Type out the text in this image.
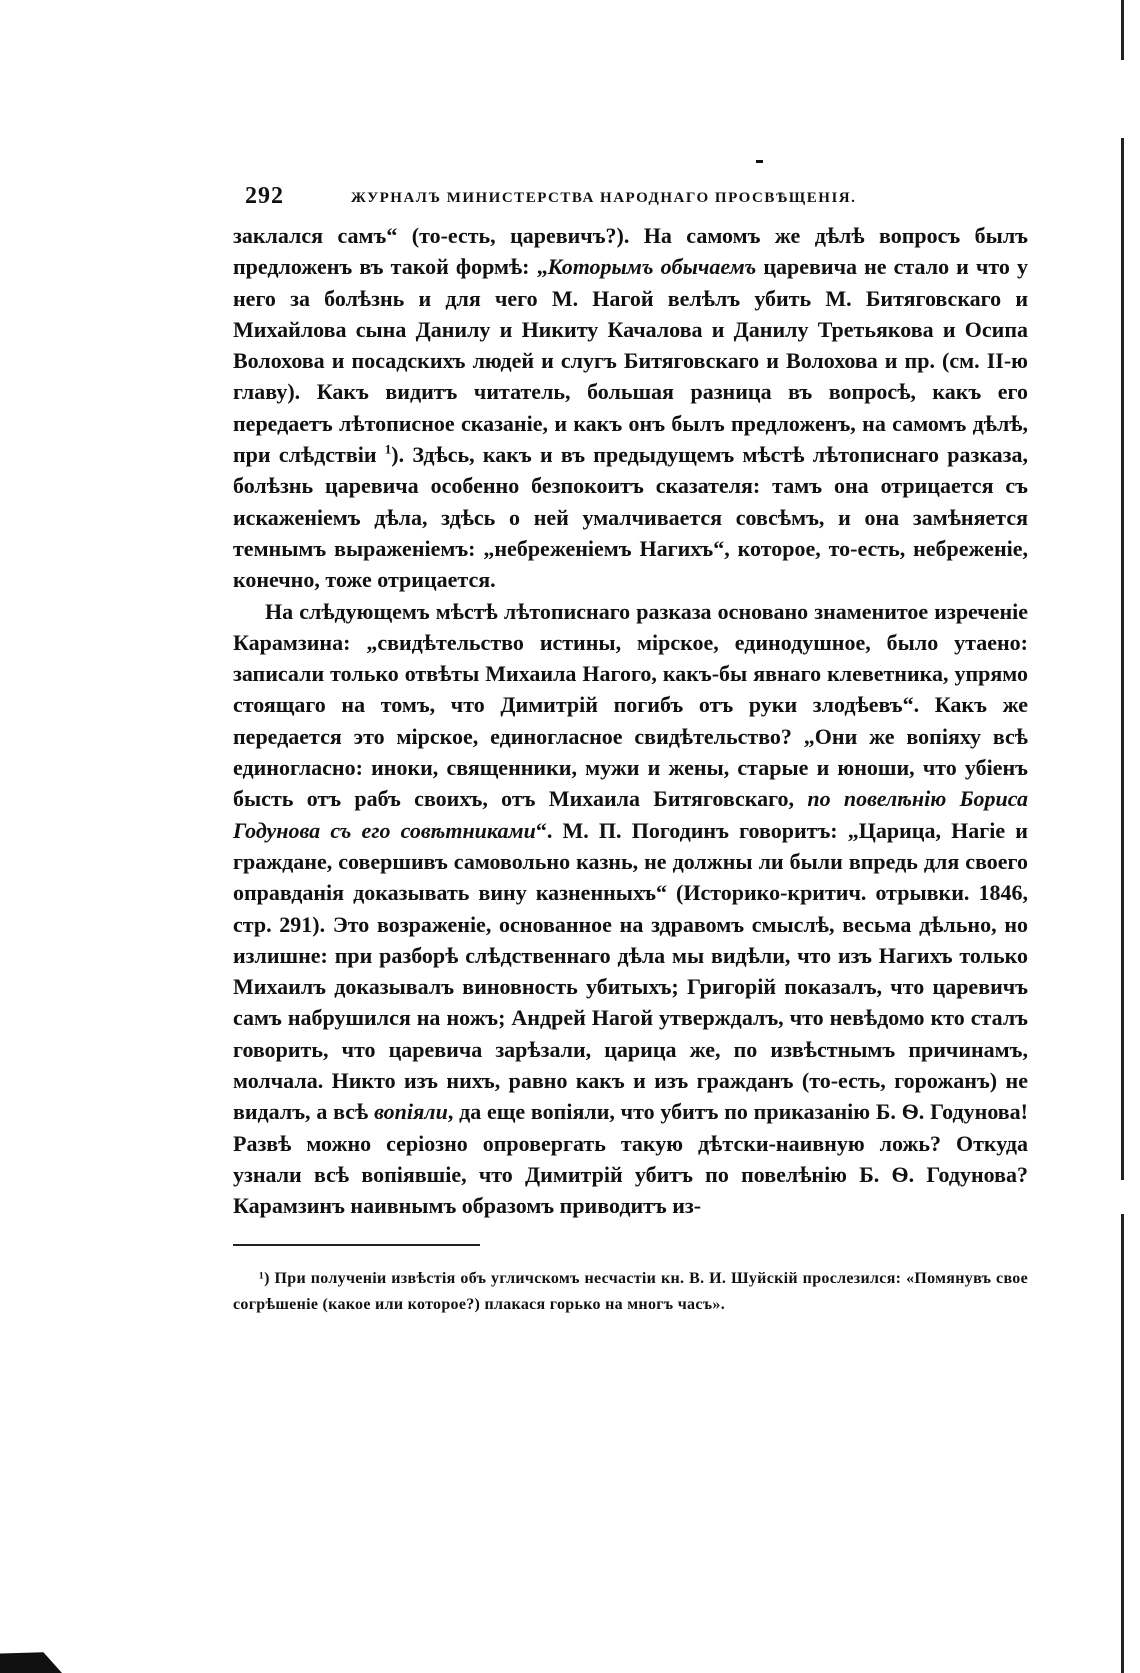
292	ЖУРНАЛЪ МИНИСТЕРСТВА НАРОДНАГО ПРОСВѢЩЕНІЯ.

заклался самъ“ (то-есть, царевичъ?). На самомъ же дѣлѣ вопросъ былъ предложенъ въ такой формѣ: „Которымъ обычаемъ царевича не стало и что у него за болѣзнь и для чего М. Нагой велѣлъ убить М. Битяговскаго и Михайлова сына Данилу и Никиту Качалова и Данилу Третьякова и Осипа Волохова и посадскихъ людей и слугъ Битяговскаго и Волохова и пр. (см. II-ю главу). Какъ видитъ читатель, большая разница въ вопросѣ, какъ его передаетъ лѣтописное сказаніе, и какъ онъ былъ предложенъ, на самомъ дѣлѣ, при слѣдствіи $^1$). Здѣсь, какъ и въ предыдущемъ мѣстѣ лѣтописнаго разказа, болѣзнь царевича особенно безпокоитъ сказателя: тамъ она отрицается съ искаженіемъ дѣла, здѣсь о ней умалчивается совсѣмъ, и она замѣняется темнымъ выраженіемъ: „небреженіемъ Нагихъ“, которое, то-есть, небреженіе, конечно, тоже отрицается.

На слѣдующемъ мѣстѣ лѣтописнаго разказа основано знаменитое изреченіе Карамзина: „свидѣтельство истины, мірское, единодушное, было утаено: записали только отвѣты Михаила Нагого, какъ-бы явнаго клеветника, упрямо стоящаго на томъ, что Димитрій погибъ отъ руки злодѣевъ“. Какъ же передается это мірское, единогласное свидѣтельство? „Они же вопіяху всѣ единогласно: иноки, священники, мужи и жены, старые и юноши, что убіенъ бысть отъ рабъ своихъ, отъ Михаила Битяговскаго, по повелѣнію Бориса Годунова съ его совѣтниками“. М. П. Погодинъ говоритъ: „Царица, Нагіе и граждане, совершивъ самовольно казнь, не должны ли были впредь для своего оправданія доказывать вину казненныхъ“ (Историко-критич. отрывки. 1846, стр. 291). Это возраженіе, основанное на здравомъ смыслѣ, весьма дѣльно, но излишне: при разборѣ слѣдственнаго дѣла мы видѣли, что изъ Нагихъ только Михаилъ доказывалъ виновность убитыхъ; Григорій показалъ, что царевичъ самъ набрушился на ножъ; Андрей Нагой утверждалъ, что невѣдомо кто сталъ говорить, что царевича зарѣзали, царица же, по извѣстнымъ причинамъ, молчала. Никто изъ нихъ, равно какъ и изъ гражданъ (то-есть, горожанъ) не видалъ, а всѣ вопіяли, да еще вопіяли, что убитъ по приказанію Б. Ѳ. Годунова! Развѣ можно серіозно опровергать такую дѣтски-наивную ложь? Откуда узнали всѣ вопіявшіе, что Димитрій убитъ по повелѣнію Б. Ѳ. Годунова? Карамзинъ наивнымъ образомъ приводитъ из-

¹) При полученіи извѣстія объ угличскомъ несчастіи кн. В. И. Шуйскій прослезился: «Помянувъ свое согрѣшеніе (какое или которое?) плакася горько на многъ часъ».
